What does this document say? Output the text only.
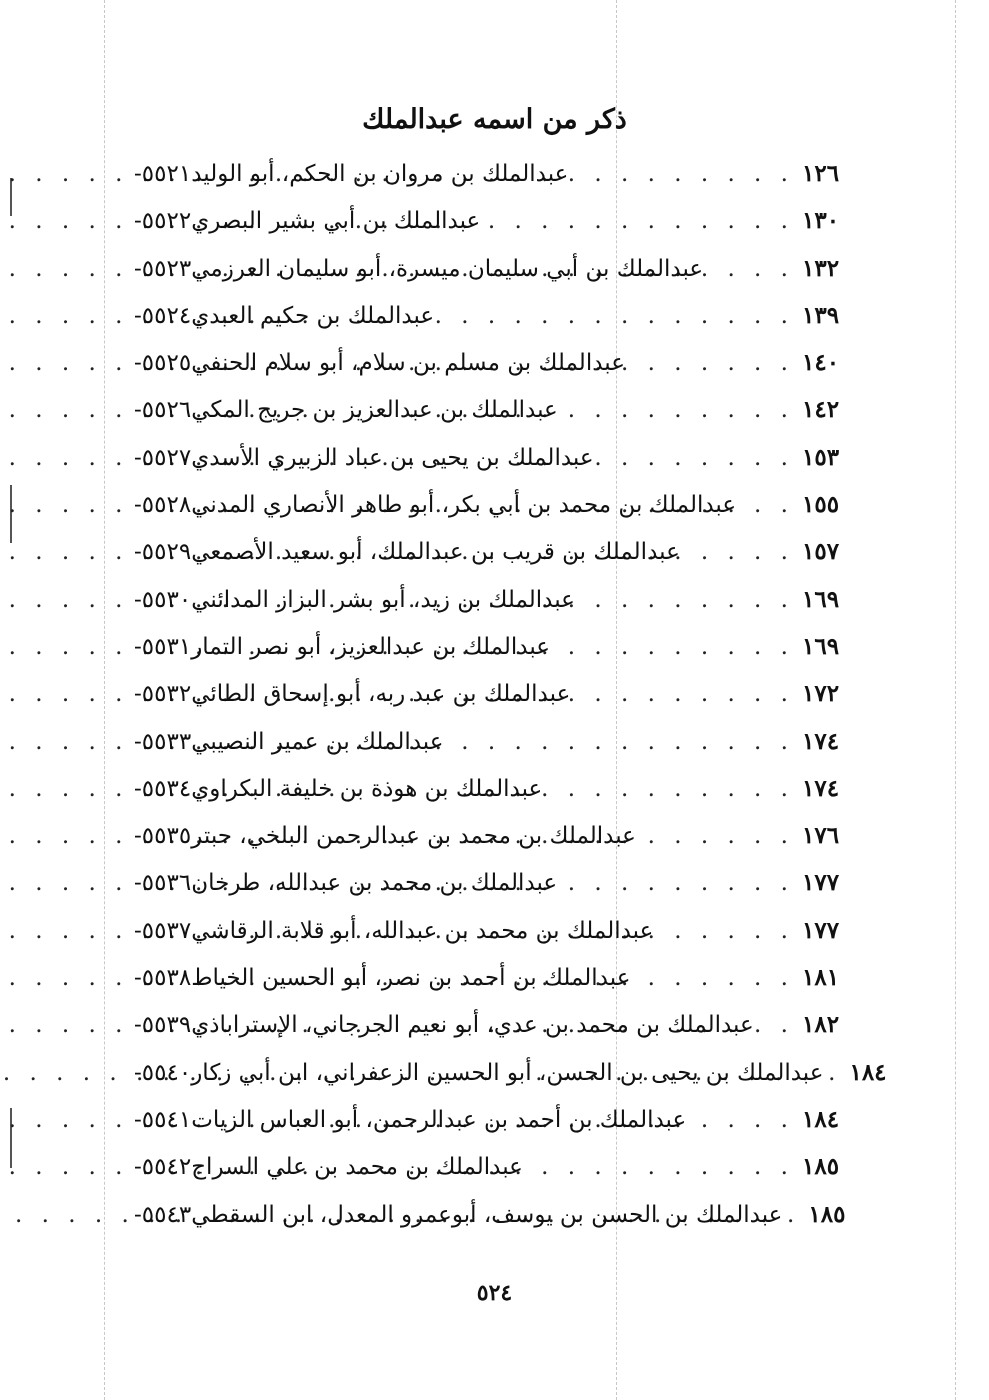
ذكر من اسمه عبدالملك
٥٥٢١- عبدالملك بن مروان بن الحكم، أبو الوليد . . .	١٢٦
٥٥٢٢- عبدالملك بن أبي بشير البصري . . .	١٣٠
٥٥٢٣- عبدالملك بن أبي سليمان ميسرة، أبو سليمان العرزمي . . .	١٣٢
٥٥٢٤- عبدالملك بن حكيم العبدي . . .	١٣٩
٥٥٢٥- عبدالملك بن مسلم بن سلام، أبو سلام الحنفي . . .	١٤٠
٥٥٢٦- عبدالملك بن عبدالعزيز بن جريج المكي . . .	١٤٢
٥٥٢٧- عبدالملك بن يحيى بن عباد الزبيري الأسدي . . .	١٥٣
٥٥٢٨- عبدالملك بن محمد بن أبي بكر، أبو طاهر الأنصاري المدني . . .	١٥٥
٥٥٢٩- عبدالملك بن قريب بن عبدالملك، أبو سعيد الأصمعي . . .	١٥٧
٥٥٣٠- عبدالملك بن زيد، أبو بشر البزاز المدائني . . .	١٦٩
٥٥٣١- عبدالملك بن عبدالعزيز، أبو نصر التمار . . .	١٦٩
٥٥٣٢- عبدالملك بن عبد ربه، أبو إسحاق الطائي . . .	١٧٢
٥٥٣٣- عبدالملك بن عمير النصيبي . . .	١٧٤
٥٥٣٤- عبدالملك بن هوذة بن خليفة البكراوي . . .	١٧٤
٥٥٣٥- عبدالملك بن محمد بن عبدالرحمن البلخي، حبتر . . .	١٧٦
٥٥٣٦- عبدالملك بن محمد بن عبدالله، طرخان . . .	١٧٧
٥٥٣٧- عبدالملك بن محمد بن عبدالله، أبو قلابة الرقاشي . . .	١٧٧
٥٥٣٨- عبدالملك بن أحمد بن نصر، أبو الحسين الخياط . . .	١٨١
٥٥٣٩- عبدالملك بن محمد بن عدي، أبو نعيم الجرجاني، الإستراباذي . . . ١٨٢
٥٥٤٠- عبدالملك بن يحيى بن الحسن، أبو الحسين الزعفراني، ابن أبي زكار . . . ١٨٤
٥٥٤١- عبدالملك بن أحمد بن عبدالرحمن، أبو العباس الزيات . . .	١٨٤
٥٥٤٢- عبدالملك بن محمد بن علي السراج . . .	١٨٥
٥٥٤٣- عبدالملك بن الحسن بن يوسف، أبوعمرو المعدل، ابن السقطي . . . ١٨٥
٥٢٤
